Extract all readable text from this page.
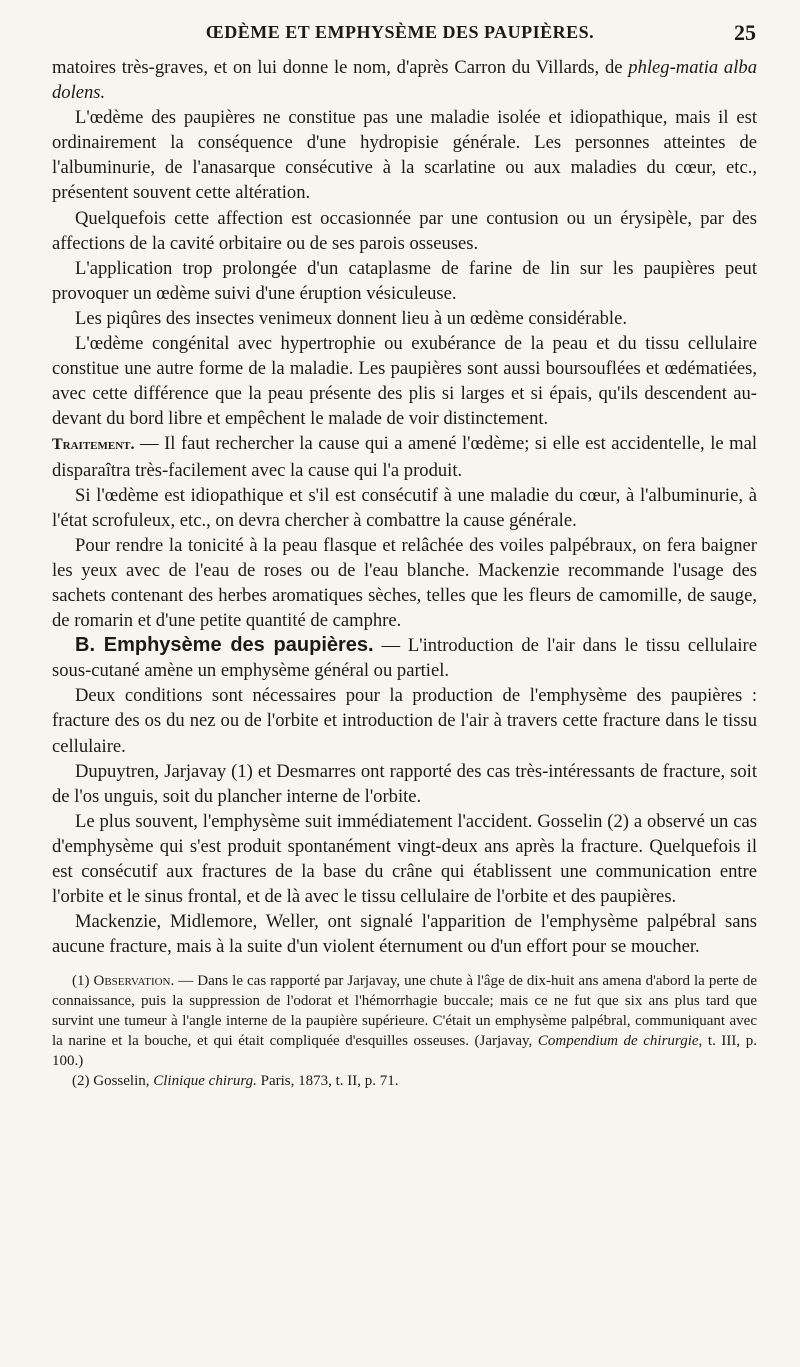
ŒDÈME ET EMPHYSÈME DES PAUPIÈRES.	25

matoires très-graves, et on lui donne le nom, d'après Carron du Villards, de phleg-matia alba dolens.

L'œdème des paupières ne constitue pas une maladie isolée et idiopathique, mais il est ordinairement la conséquence d'une hydropisie générale. Les personnes atteintes de l'albuminurie, de l'anasarque consécutive à la scarlatine ou aux maladies du cœur, etc., présentent souvent cette altération.

Quelquefois cette affection est occasionnée par une contusion ou un érysipèle, par des affections de la cavité orbitaire ou de ses parois osseuses.

L'application trop prolongée d'un cataplasme de farine de lin sur les paupières peut provoquer un œdème suivi d'une éruption vésiculeuse.

Les piqûres des insectes venimeux donnent lieu à un œdème considérable.

L'œdème congénital avec hypertrophie ou exubérance de la peau et du tissu cellulaire constitue une autre forme de la maladie. Les paupières sont aussi boursouflées et œdématiées, avec cette différence que la peau présente des plis si larges et si épais, qu'ils descendent au-devant du bord libre et empêchent le malade de voir distinctement.

Traitement. — Il faut rechercher la cause qui a amené l'œdème; si elle est accidentelle, le mal disparaîtra très-facilement avec la cause qui l'a produit.

Si l'œdème est idiopathique et s'il est consécutif à une maladie du cœur, à l'albuminurie, à l'état scrofuleux, etc., on devra chercher à combattre la cause générale.

Pour rendre la tonicité à la peau flasque et relâchée des voiles palpébraux, on fera baigner les yeux avec de l'eau de roses ou de l'eau blanche. Mackenzie recommande l'usage des sachets contenant des herbes aromatiques sèches, telles que les fleurs de camomille, de sauge, de romarin et d'une petite quantité de camphre.

B. Emphysème des paupières. — L'introduction de l'air dans le tissu cellulaire sous-cutané amène un emphysème général ou partiel.

Deux conditions sont nécessaires pour la production de l'emphysème des paupières : fracture des os du nez ou de l'orbite et introduction de l'air à travers cette fracture dans le tissu cellulaire.

Dupuytren, Jarjavay (1) et Desmarres ont rapporté des cas très-intéressants de fracture, soit de l'os unguis, soit du plancher interne de l'orbite.

Le plus souvent, l'emphysème suit immédiatement l'accident. Gosselin (2) a observé un cas d'emphysème qui s'est produit spontanément vingt-deux ans après la fracture. Quelquefois il est consécutif aux fractures de la base du crâne qui établissent une communication entre l'orbite et le sinus frontal, et de là avec le tissu cellulaire de l'orbite et des paupières.

Mackenzie, Midlemore, Weller, ont signalé l'apparition de l'emphysème palpébral sans aucune fracture, mais à la suite d'un violent éternument ou d'un effort pour se moucher.

(1) Observation. — Dans le cas rapporté par Jarjavay, une chute à l'âge de dix-huit ans amena d'abord la perte de connaissance, puis la suppression de l'odorat et l'hémorrhagie buccale; mais ce ne fut que six ans plus tard que survint une tumeur à l'angle interne de la paupière supérieure. C'était un emphysème palpébral, communiquant avec la narine et la bouche, et qui était compliquée d'esquilles osseuses. (Jarjavay, Compendium de chirurgie, t. III, p. 100.)

(2) Gosselin, Clinique chirurg. Paris, 1873, t. II, p. 71.
